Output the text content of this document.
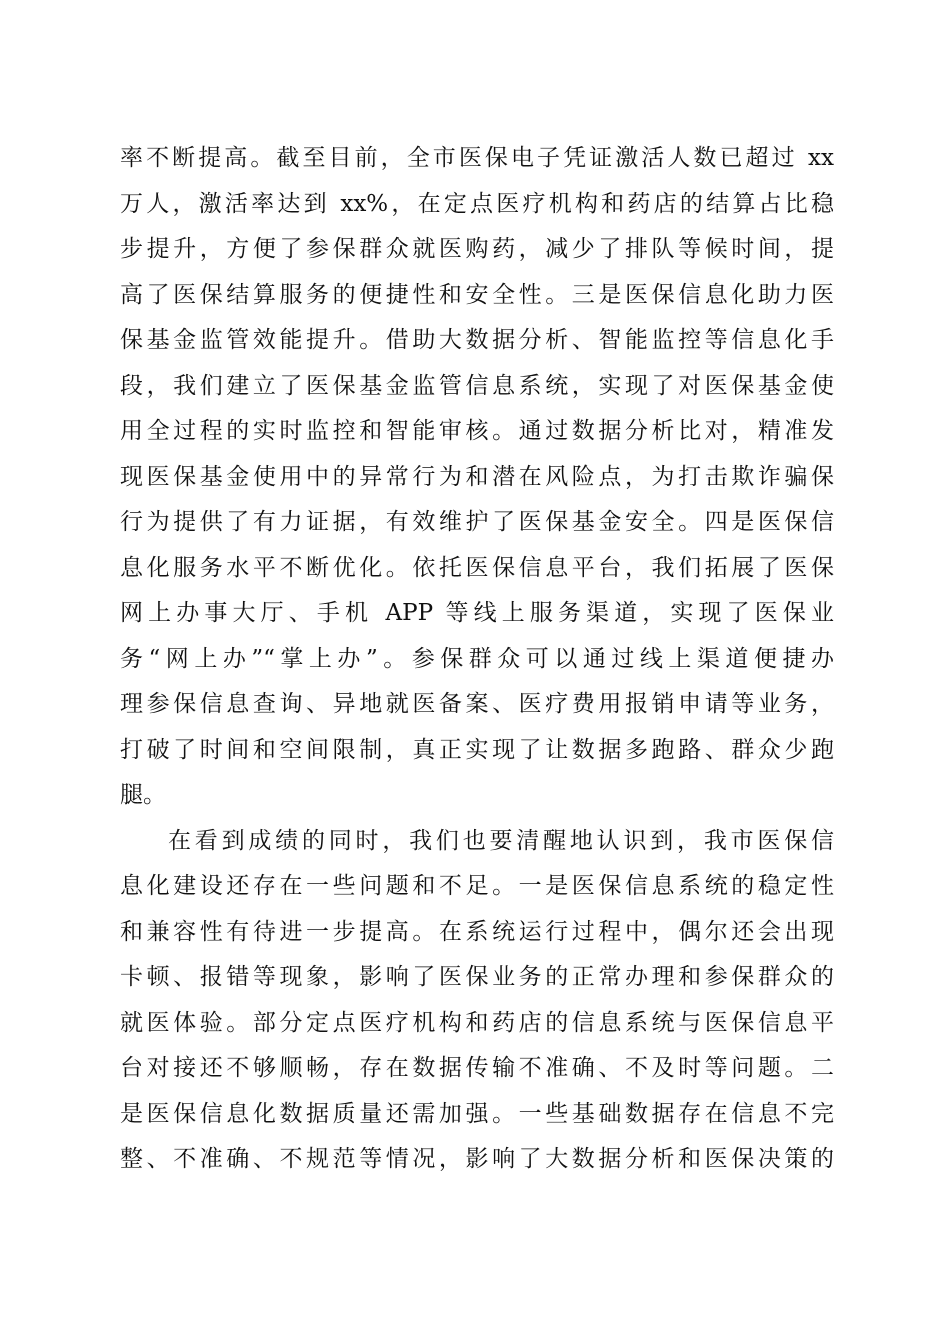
率不断提高。截至目前，全市医保电子凭证激活人数已超过 xx
万人，激活率达到 xx%，在定点医疗机构和药店的结算占比稳
步提升，方便了参保群众就医购药，减少了排队等候时间，提
高了医保结算服务的便捷性和安全性。三是医保信息化助力医
保基金监管效能提升。借助大数据分析、智能监控等信息化手
段，我们建立了医保基金监管信息系统，实现了对医保基金使
用全过程的实时监控和智能审核。通过数据分析比对，精准发
现医保基金使用中的异常行为和潜在风险点，为打击欺诈骗保
行为提供了有力证据，有效维护了医保基金安全。四是医保信
息化服务水平不断优化。依托医保信息平台，我们拓展了医保
网上办事大厅、手机 APP 等线上服务渠道，实现了医保业
务“网上办”“掌上办”。参保群众可以通过线上渠道便捷办
理参保信息查询、异地就医备案、医疗费用报销申请等业务，
打破了时间和空间限制，真正实现了让数据多跑路、群众少跑
腿。
在看到成绩的同时，我们也要清醒地认识到，我市医保信
息化建设还存在一些问题和不足。一是医保信息系统的稳定性
和兼容性有待进一步提高。在系统运行过程中，偶尔还会出现
卡顿、报错等现象，影响了医保业务的正常办理和参保群众的
就医体验。部分定点医疗机构和药店的信息系统与医保信息平
台对接还不够顺畅，存在数据传输不准确、不及时等问题。二
是医保信息化数据质量还需加强。一些基础数据存在信息不完
整、不准确、不规范等情况，影响了大数据分析和医保决策的
